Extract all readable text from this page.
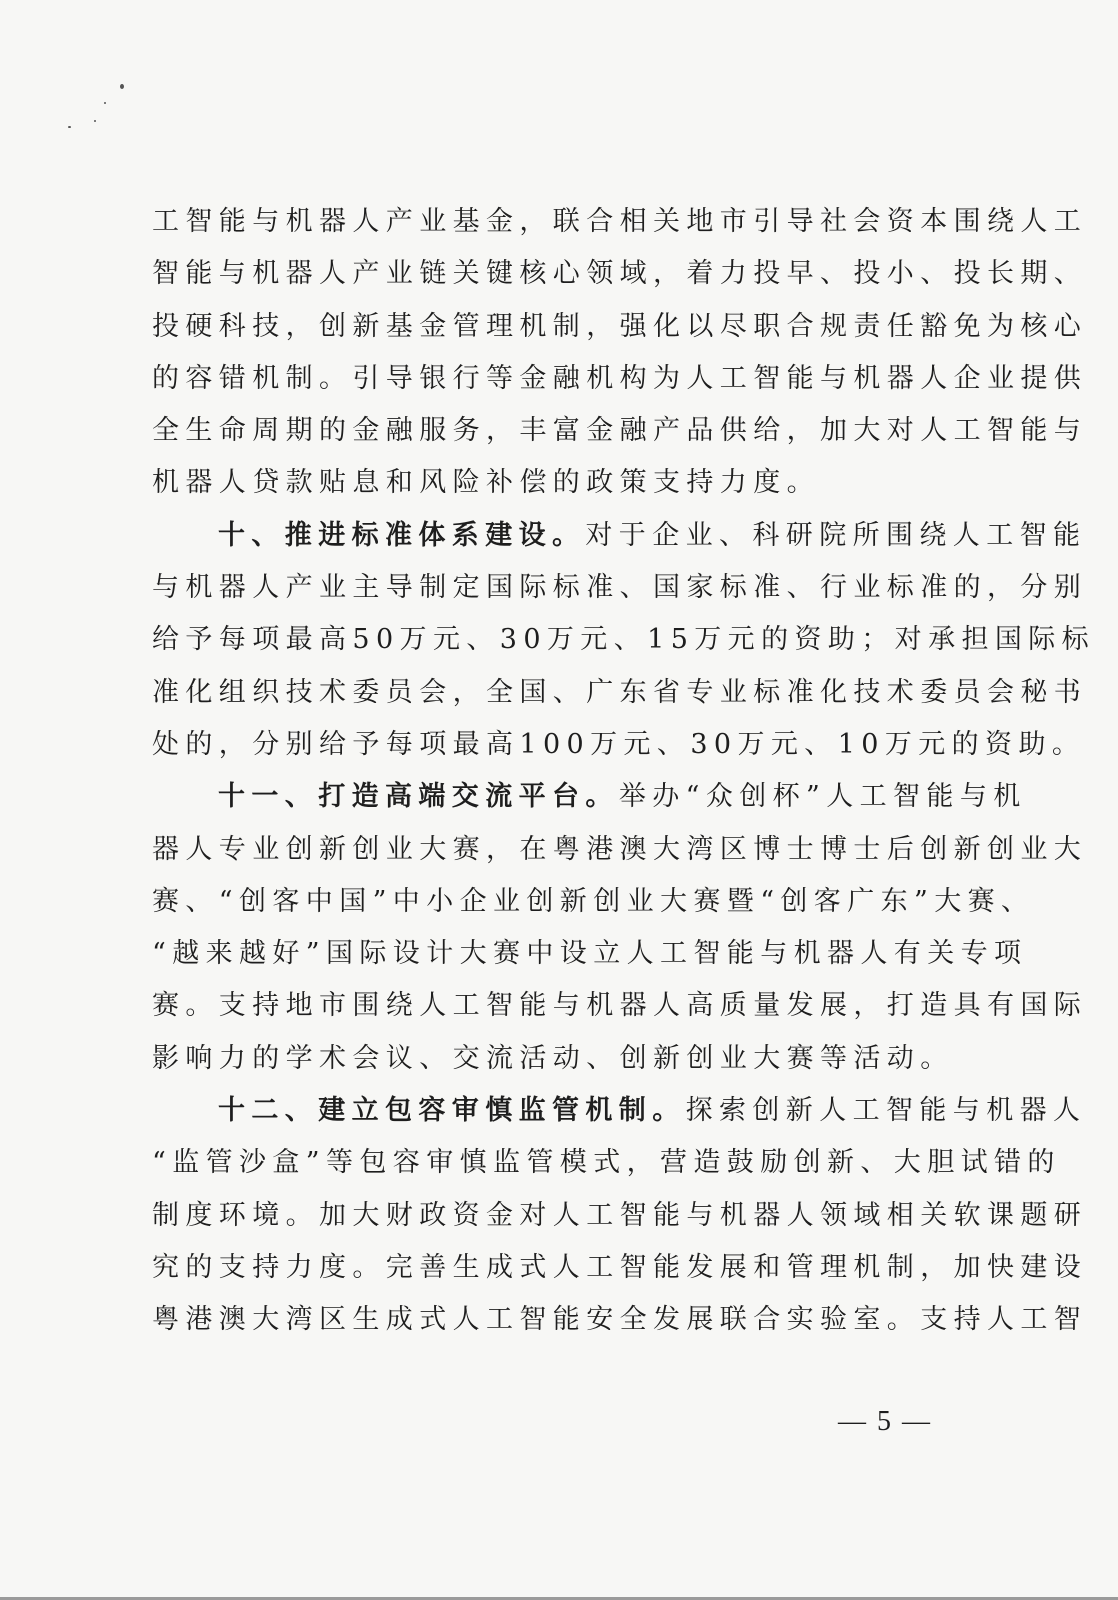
工智能与机器人产业基金，联合相关地市引导社会资本围绕人工
智能与机器人产业链关键核心领域，着力投早、投小、投长期、
投硬科技，创新基金管理机制，强化以尽职合规责任豁免为核心
的容错机制。引导银行等金融机构为人工智能与机器人企业提供
全生命周期的金融服务，丰富金融产品供给，加大对人工智能与
机器人贷款贴息和风险补偿的政策支持力度。
十、推进标准体系建设。对于企业、科研院所围绕人工智能
与机器人产业主导制定国际标准、国家标准、行业标准的，分别
给予每项最高50万元、30万元、15万元的资助；对承担国际标
准化组织技术委员会，全国、广东省专业标准化技术委员会秘书
处的，分别给予每项最高100万元、30万元、10万元的资助。
十一、打造高端交流平台。举办“众创杯”人工智能与机
器人专业创新创业大赛，在粤港澳大湾区博士博士后创新创业大
赛、“创客中国”中小企业创新创业大赛暨“创客广东”大赛、
“越来越好”国际设计大赛中设立人工智能与机器人有关专项
赛。支持地市围绕人工智能与机器人高质量发展，打造具有国际
影响力的学术会议、交流活动、创新创业大赛等活动。
十二、建立包容审慎监管机制。探索创新人工智能与机器人
“监管沙盒”等包容审慎监管模式，营造鼓励创新、大胆试错的
制度环境。加大财政资金对人工智能与机器人领域相关软课题研
究的支持力度。完善生成式人工智能发展和管理机制，加快建设
粤港澳大湾区生成式人工智能安全发展联合实验室。支持人工智
— 5 —
